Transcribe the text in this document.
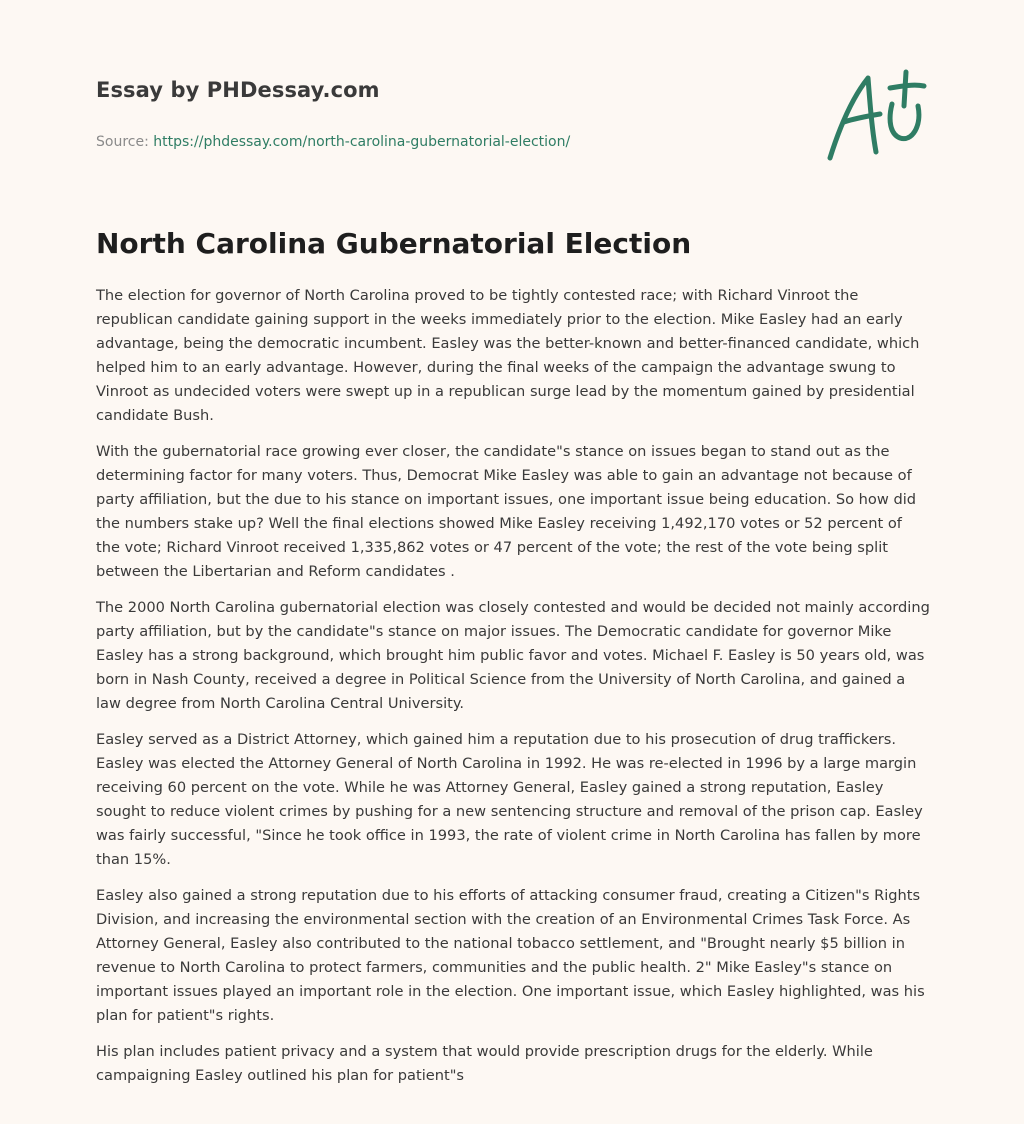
Essay by PHDessay.com
Source: https://phdessay.com/north-carolina-gubernatorial-election/
North Carolina Gubernatorial Election

The election for governor of North Carolina proved to be tightly contested race; with Richard Vinroot the republican candidate gaining support in the weeks immediately prior to the election. Mike Easley had an early advantage, being the democratic incumbent. Easley was the better-known and better-financed candidate, which helped him to an early advantage. However, during the final weeks of the campaign the advantage swung to Vinroot as undecided voters were swept up in a republican surge lead by the momentum gained by presidential candidate Bush.

With the gubernatorial race growing ever closer, the candidate"s stance on issues began to stand out as the determining factor for many voters. Thus, Democrat Mike Easley was able to gain an advantage not because of party affiliation, but the due to his stance on important issues, one important issue being education. So how did the numbers stake up? Well the final elections showed Mike Easley receiving 1,492,170 votes or 52 percent of the vote; Richard Vinroot received 1,335,862 votes or 47 percent of the vote; the rest of the vote being split between the Libertarian and Reform candidates .

The 2000 North Carolina gubernatorial election was closely contested and would be decided not mainly according party affiliation, but by the candidate"s stance on major issues. The Democratic candidate for governor Mike Easley has a strong background, which brought him public favor and votes. Michael F. Easley is 50 years old, was born in Nash County, received a degree in Political Science from the University of North Carolina, and gained a law degree from North Carolina Central University.

Easley served as a District Attorney, which gained him a reputation due to his prosecution of drug traffickers. Easley was elected the Attorney General of North Carolina in 1992. He was re-elected in 1996 by a large margin receiving 60 percent on the vote. While he was Attorney General, Easley gained a strong reputation, Easley sought to reduce violent crimes by pushing for a new sentencing structure and removal of the prison cap. Easley was fairly successful, "Since he took office in 1993, the rate of violent crime in North Carolina has fallen by more than 15%.

Easley also gained a strong reputation due to his efforts of attacking consumer fraud, creating a Citizen"s Rights Division, and increasing the environmental section with the creation of an Environmental Crimes Task Force. As Attorney General, Easley also contributed to the national tobacco settlement, and "Brought nearly $5 billion in revenue to North Carolina to protect farmers, communities and the public health. 2" Mike Easley"s stance on important issues played an important role in the election. One important issue, which Easley highlighted, was his plan for patient"s rights.

His plan includes patient privacy and a system that would provide prescription drugs for the elderly. While campaigning Easley outlined his plan for patient"s
